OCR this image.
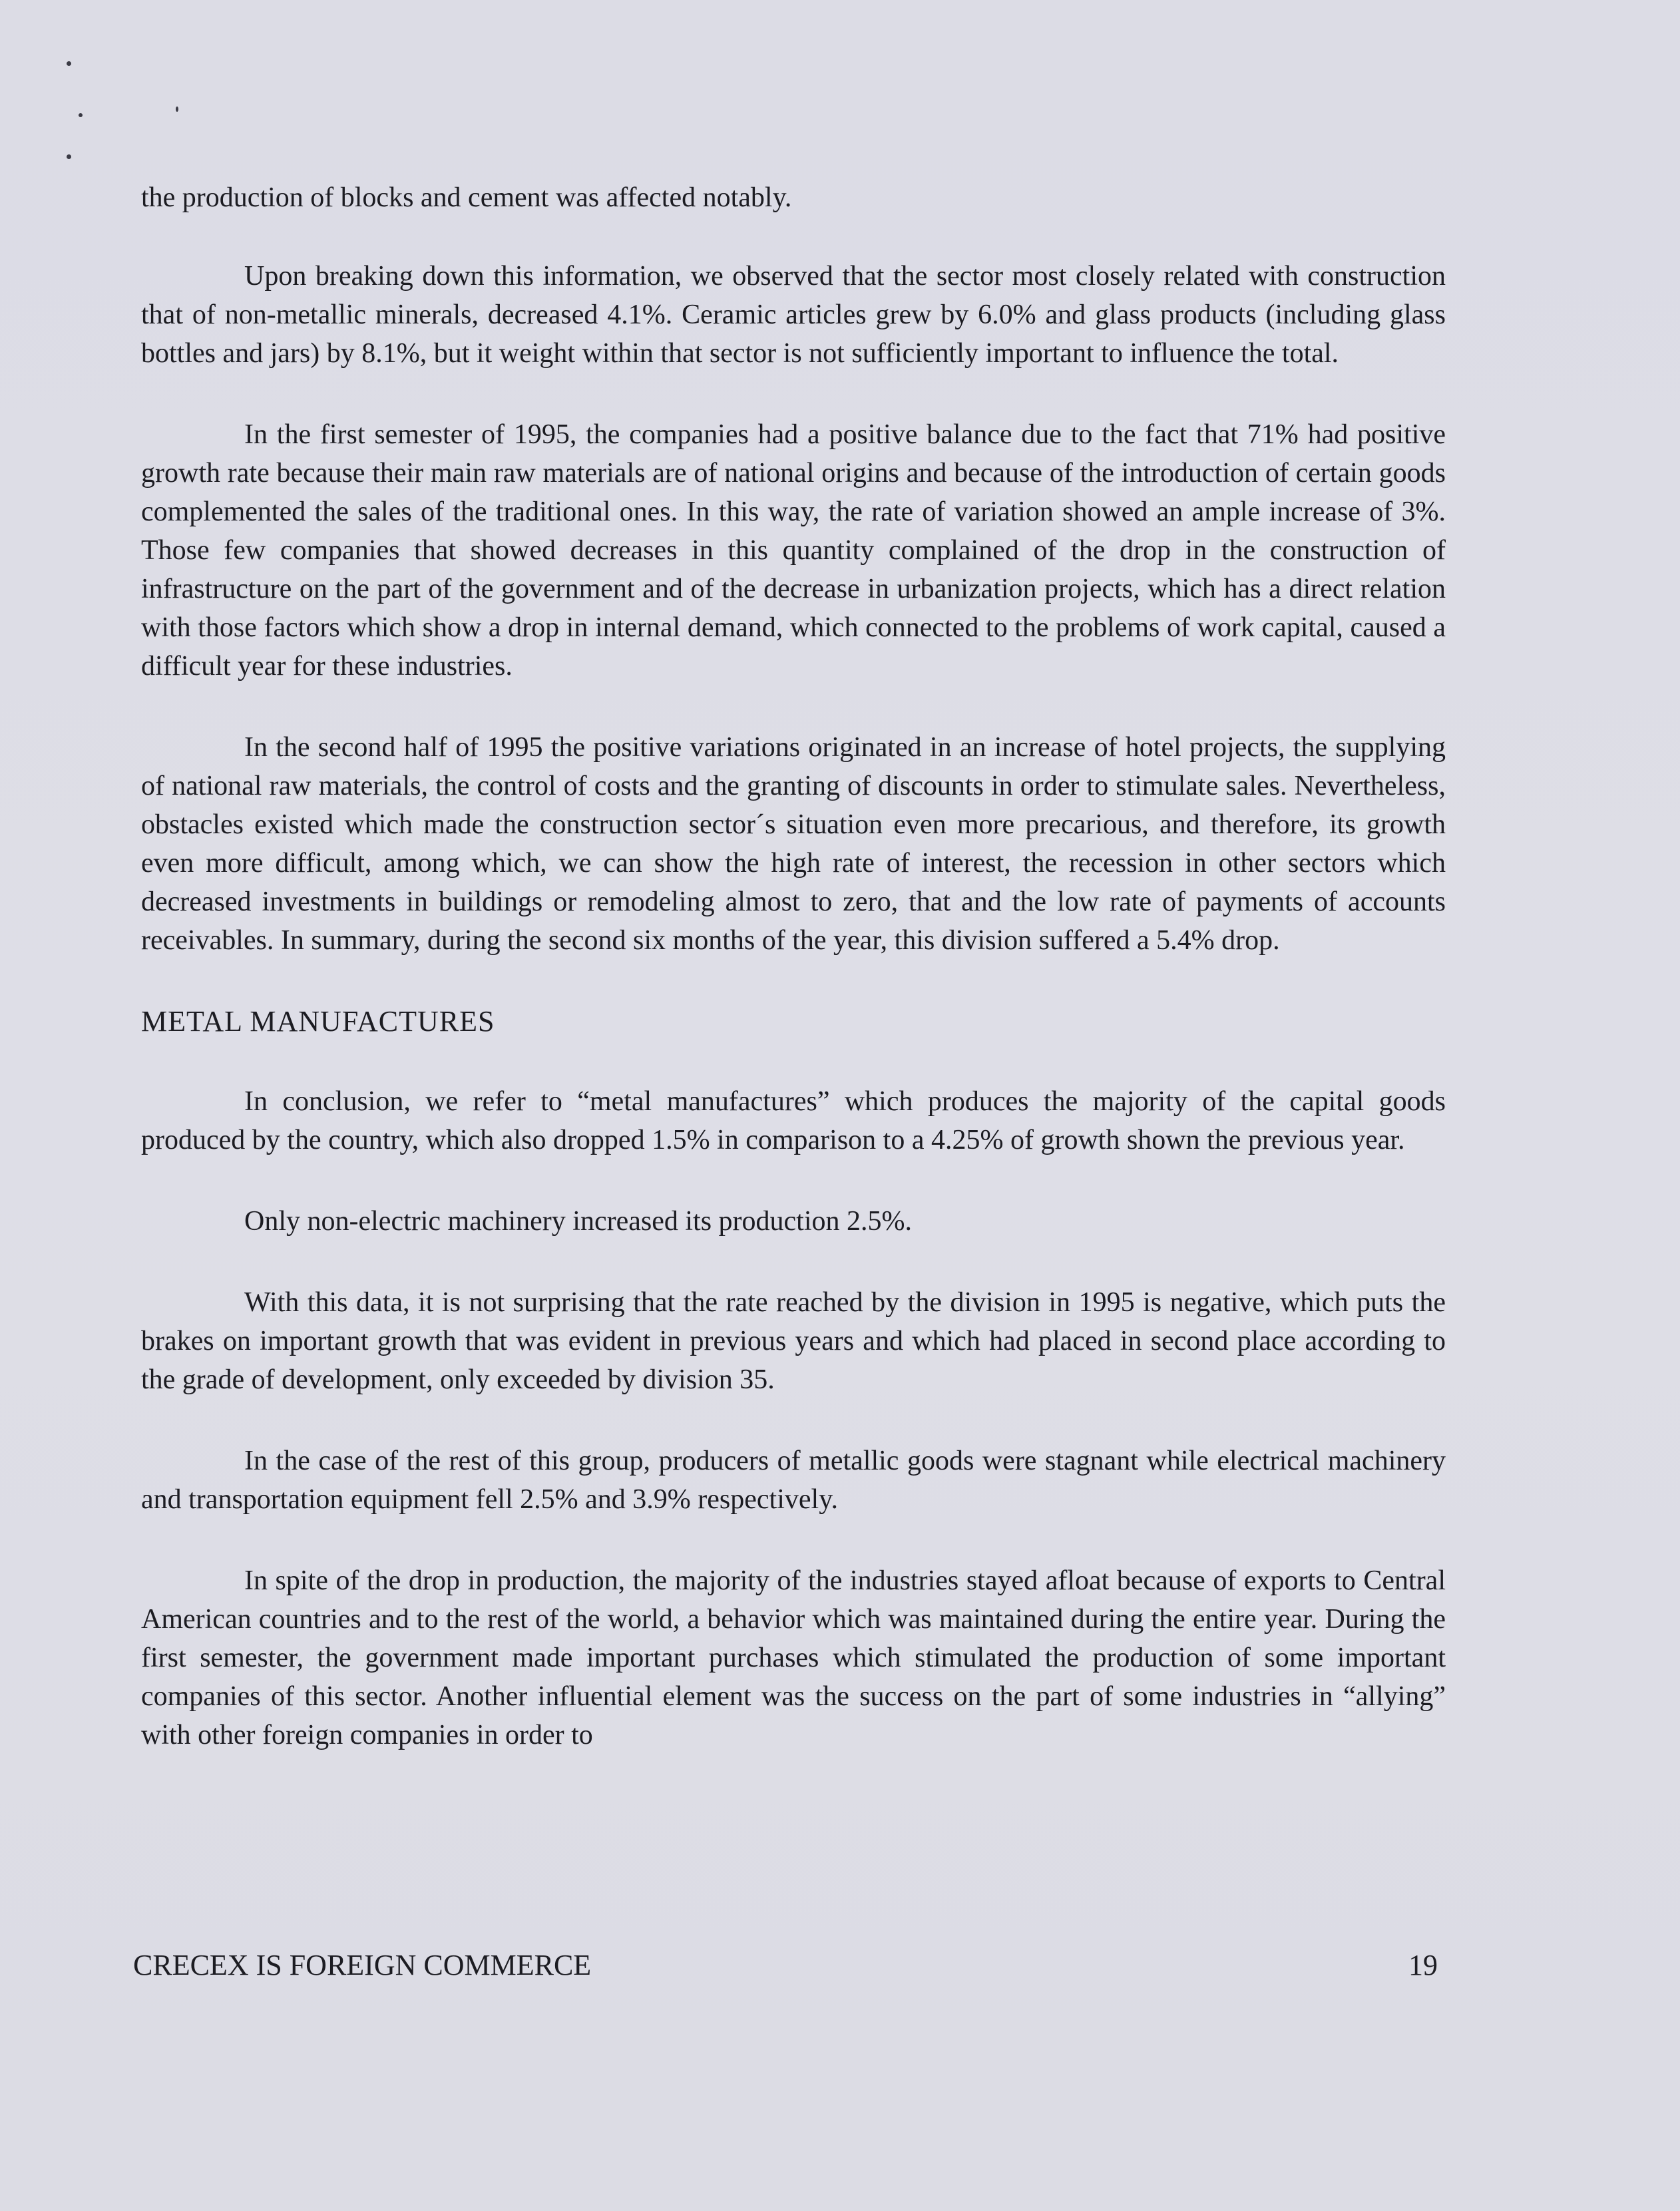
the production of blocks and cement was affected notably.

Upon breaking down this information, we observed that the sector most closely related with construction that of non-metallic minerals, decreased 4.1%. Ceramic articles grew by 6.0% and glass products (including glass bottles and jars) by 8.1%, but it weight within that sector is not sufficiently important to influence the total.

In the first semester of 1995, the companies had a positive balance due to the fact that 71% had positive growth rate because their main raw materials are of national origins and because of the introduction of certain goods complemented the sales of the traditional ones. In this way, the rate of variation showed an ample increase of 3%. Those few companies that showed decreases in this quantity complained of the drop in the construction of infrastructure on the part of the government and of the decrease in urbanization projects, which has a direct relation with those factors which show a drop in internal demand, which connected to the problems of work capital, caused a difficult year for these industries.

In the second half of 1995 the positive variations originated in an increase of hotel projects, the supplying of national raw materials, the control of costs and the granting of discounts in order to stimulate sales. Nevertheless, obstacles existed which made the construction sector´s situation even more precarious, and therefore, its growth even more difficult, among which, we can show the high rate of interest, the recession in other sectors which decreased investments in buildings or remodeling almost to zero, that and the low rate of payments of accounts receivables. In summary, during the second six months of the year, this division suffered a 5.4% drop.

METAL MANUFACTURES

In conclusion, we refer to “metal manufactures” which produces the majority of the capital goods produced by the country, which also dropped 1.5% in comparison to a 4.25% of growth shown the previous year.

Only non-electric machinery increased its production 2.5%.

With this data, it is not surprising that the rate reached by the division in 1995 is negative, which puts the brakes on important growth that was evident in previous years and which had placed in second place according to the grade of development, only exceeded by division 35.

In the case of the rest of this group, producers of metallic goods were stagnant while electrical machinery and transportation equipment fell 2.5% and 3.9% respectively.

In spite of the drop in production, the majority of the industries stayed afloat because of exports to Central American countries and to the rest of the world, a behavior which was maintained during the entire year. During the first semester, the government made important purchases which stimulated the production of some important companies of this sector. Another influential element was the success on the part of some industries in “allying” with other foreign companies in order to

CRECEX IS FOREIGN COMMERCE	19
